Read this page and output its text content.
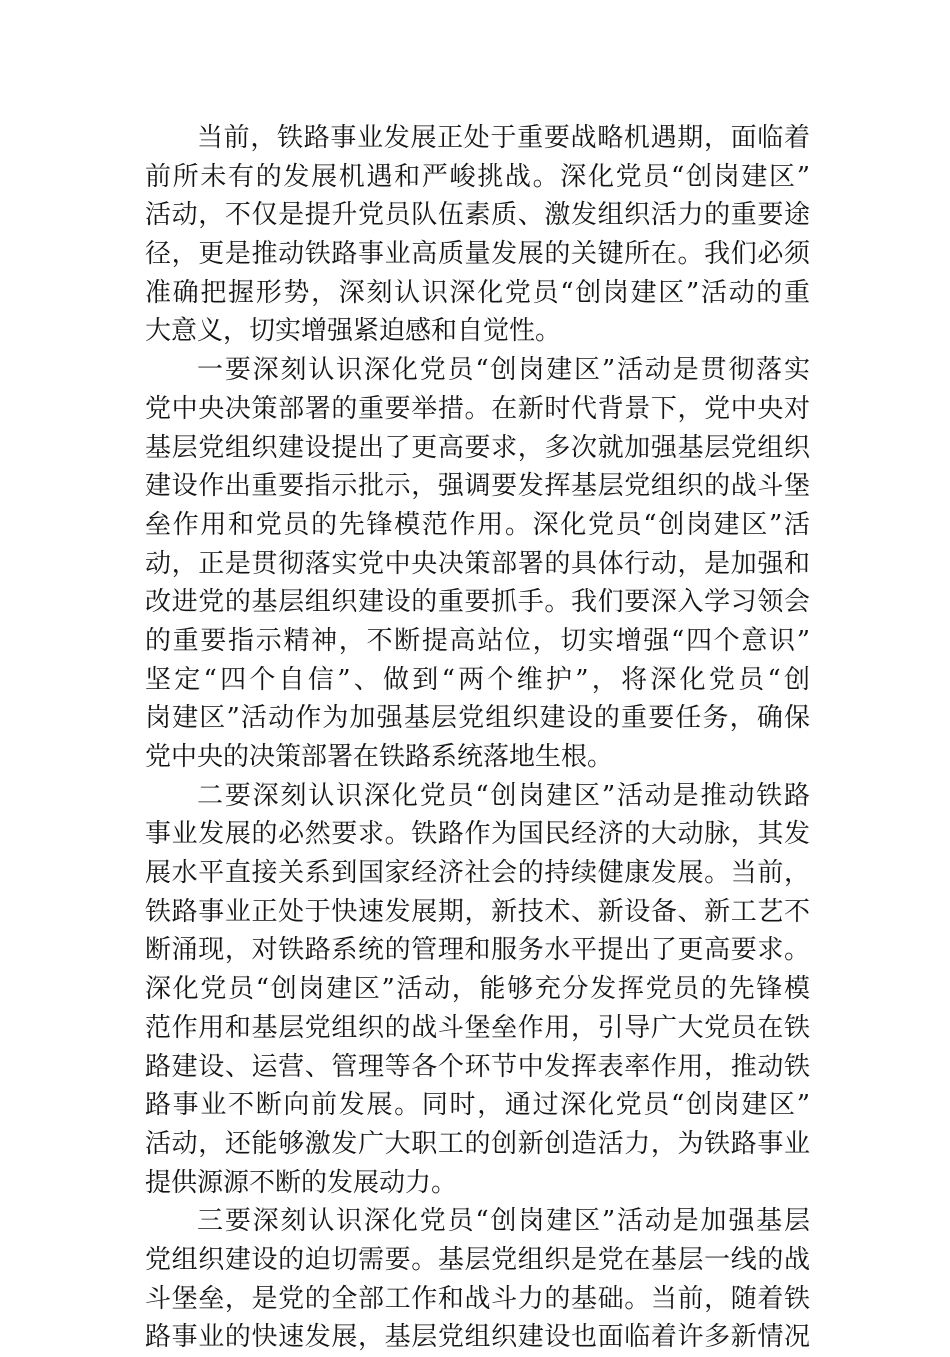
当前，铁路事业发展正处于重要战略机遇期，面临着
前所未有的发展机遇和严峻挑战。深化党员“创岗建区”
活动，不仅是提升党员队伍素质、激发组织活力的重要途
径，更是推动铁路事业高质量发展的关键所在。我们必须
准确把握形势，深刻认识深化党员“创岗建区”活动的重
大意义，切实增强紧迫感和自觉性。
一要深刻认识深化党员“创岗建区”活动是贯彻落实
党中央决策部署的重要举措。在新时代背景下，党中央对
基层党组织建设提出了更高要求，多次就加强基层党组织
建设作出重要指示批示，强调要发挥基层党组织的战斗堡
垒作用和党员的先锋模范作用。深化党员“创岗建区”活
动，正是贯彻落实党中央决策部署的具体行动，是加强和
改进党的基层组织建设的重要抓手。我们要深入学习领会
的重要指示精神，不断提高站位，切实增强“四个意识”
坚定“四个自信”、做到“两个维护”，将深化党员“创
岗建区”活动作为加强基层党组织建设的重要任务，确保
党中央的决策部署在铁路系统落地生根。
二要深刻认识深化党员“创岗建区”活动是推动铁路
事业发展的必然要求。铁路作为国民经济的大动脉，其发
展水平直接关系到国家经济社会的持续健康发展。当前，
铁路事业正处于快速发展期，新技术、新设备、新工艺不
断涌现，对铁路系统的管理和服务水平提出了更高要求。
深化党员“创岗建区”活动，能够充分发挥党员的先锋模
范作用和基层党组织的战斗堡垒作用，引导广大党员在铁
路建设、运营、管理等各个环节中发挥表率作用，推动铁
路事业不断向前发展。同时，通过深化党员“创岗建区”
活动，还能够激发广大职工的创新创造活力，为铁路事业
提供源源不断的发展动力。
三要深刻认识深化党员“创岗建区”活动是加强基层
党组织建设的迫切需要。基层党组织是党在基层一线的战
斗堡垒，是党的全部工作和战斗力的基础。当前，随着铁
路事业的快速发展，基层党组织建设也面临着许多新情况
